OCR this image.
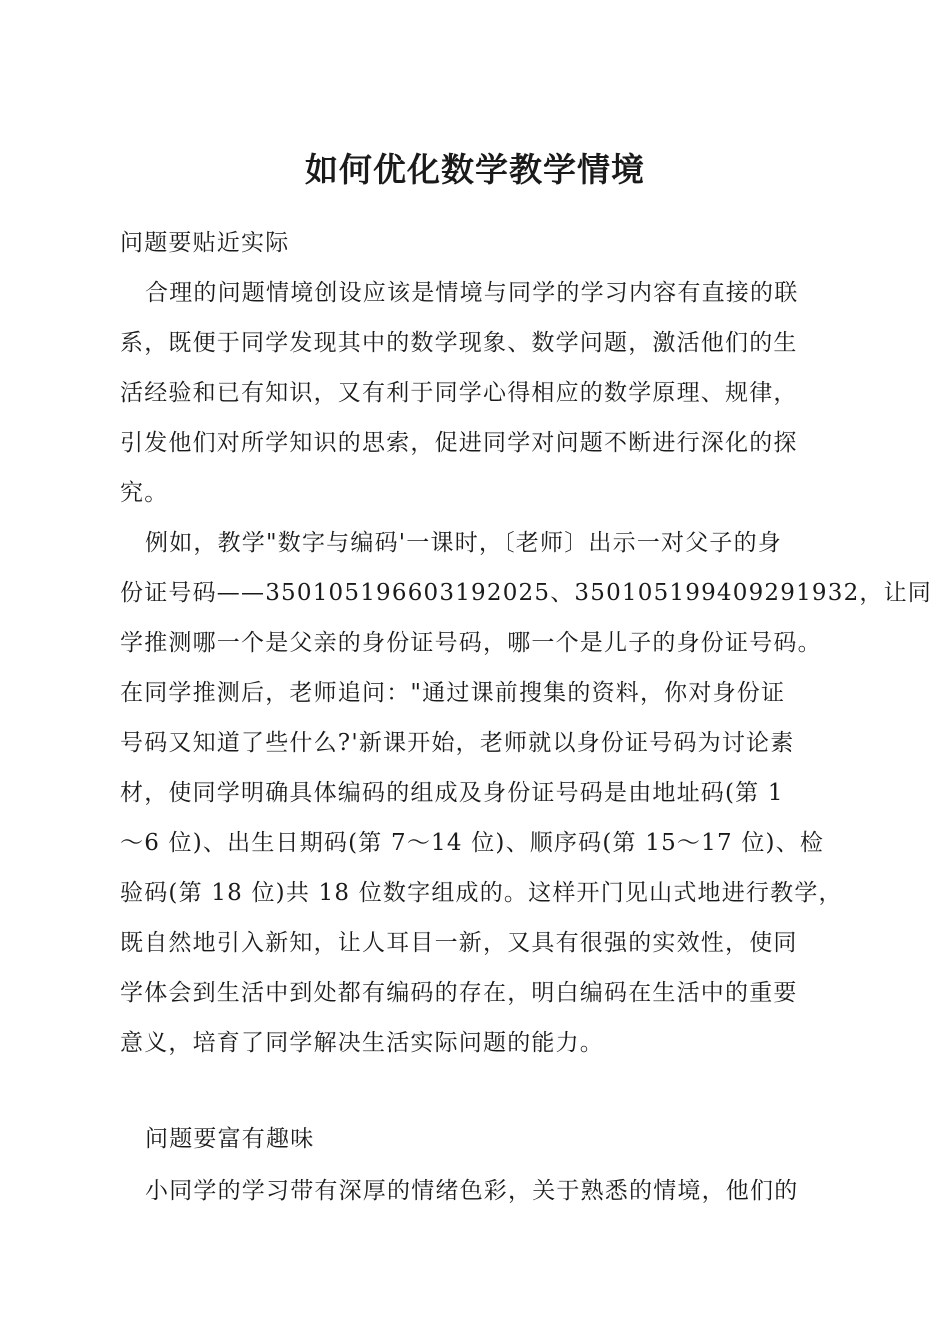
如何优化数学教学情境
问题要贴近实际
合理的问题情境创设应该是情境与同学的学习内容有直接的联
系，既便于同学发现其中的数学现象、数学问题，激活他们的生
活经验和已有知识，又有利于同学心得相应的数学原理、规律，
引发他们对所学知识的思索，促进同学对问题不断进行深化的探
究。
例如，教学"数字与编码'一课时，〔老师〕出示一对父子的身
份证号码——350105196603192025、350105199409291932，让同
学推测哪一个是父亲的身份证号码，哪一个是儿子的身份证号码。
在同学推测后，老师追问："通过课前搜集的资料，你对身份证
号码又知道了些什么?'新课开始，老师就以身份证号码为讨论素
材，使同学明确具体编码的组成及身份证号码是由地址码(第 1
～6 位)、出生日期码(第 7～14 位)、顺序码(第 15～17 位)、检
验码(第 18 位)共 18 位数字组成的。这样开门见山式地进行教学，
既自然地引入新知，让人耳目一新，又具有很强的实效性，使同
学体会到生活中到处都有编码的存在，明白编码在生活中的重要
意义，培育了同学解决生活实际问题的能力。
问题要富有趣味
小同学的学习带有深厚的情绪色彩，关于熟悉的情境，他们的
